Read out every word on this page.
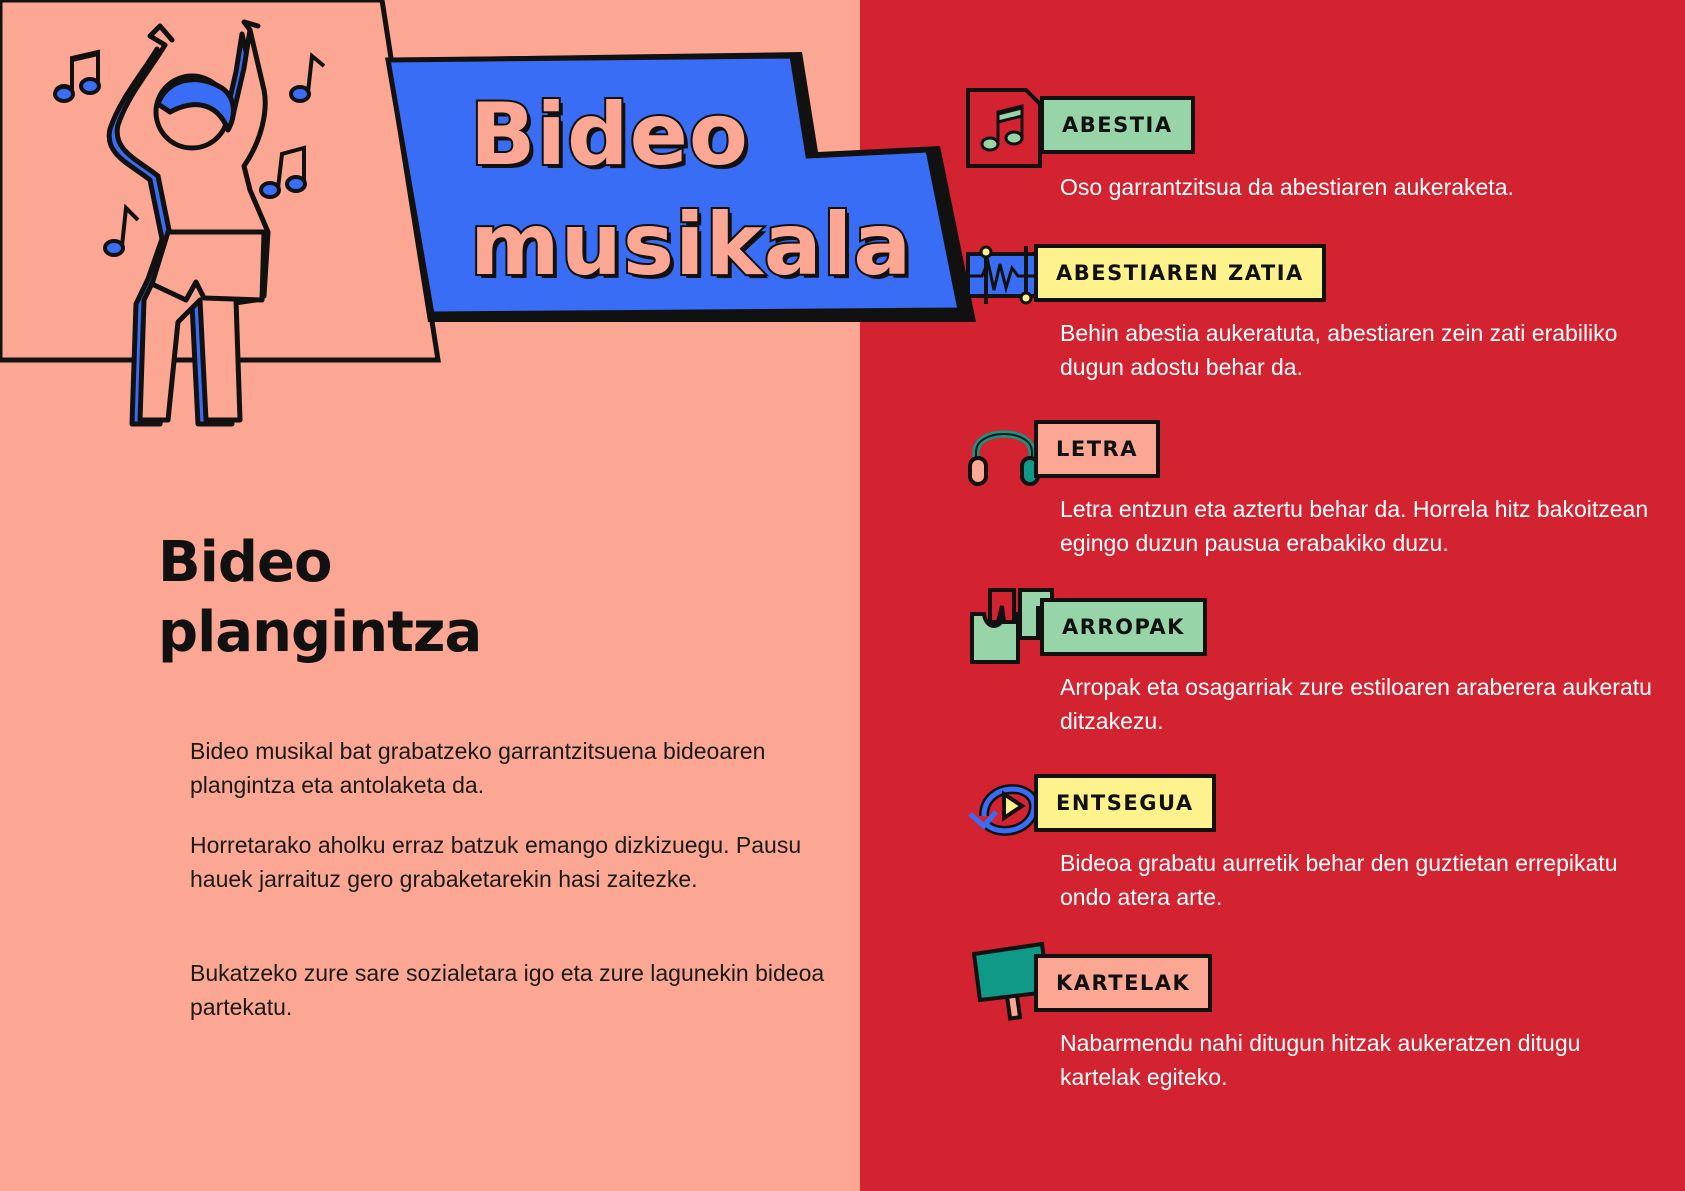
Bideo
musikala
Bideo
plangintza

Bideo musikal bat grabatzeko garrantzitsuena bideoaren plangintza eta antolaketa da.

Horretarako aholku erraz batzuk emango dizkizuegu. Pausu hauek jarraituz gero grabaketarekin hasi zaitezke.

Bukatzeko zure sare sozialetara igo eta zure lagunekin bideoa partekatu.

ABESTIA

Oso garrantzitsua da abestiaren aukeraketa.

ABESTIAREN ZATIA

Behin abestia aukeratuta, abestiaren zein zati erabiliko dugun adostu behar da.

LETRA

Letra entzun eta aztertu behar da. Horrela hitz bakoitzean egingo duzun pausua erabakiko duzu.

ARROPAK

Arropak eta osagarriak zure estiloaren araberera aukeratu ditzakezu.

ENTSEGUA

Bideoa grabatu aurretik behar den guztietan errepikatu ondo atera arte.

KARTELAK

Nabarmendu nahi ditugun hitzak aukeratzen ditugu kartelak egiteko.
